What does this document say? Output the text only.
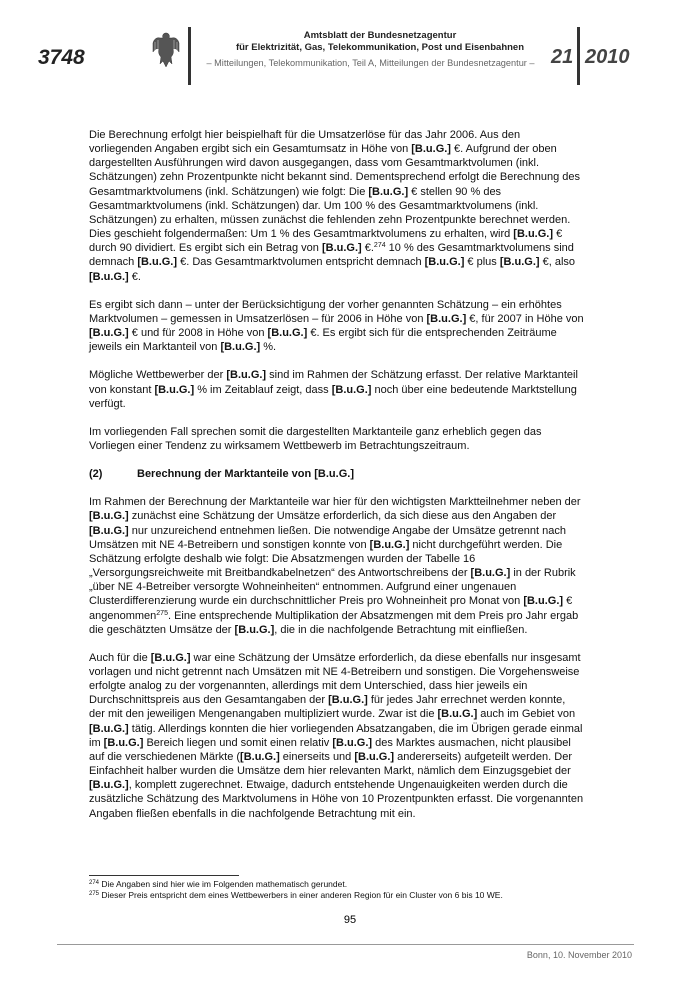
3748
Amtsblatt der Bundesnetzagentur
für Elektrizität, Gas, Telekommunikation, Post und Eisenbahnen
– Mitteilungen, Telekommunikation, Teil A, Mitteilungen der Bundesnetzagentur – 21 2010

Die Berechnung erfolgt hier beispielhaft für die Umsatzerlöse für das Jahr 2006. Aus den vorliegenden Angaben ergibt sich ein Gesamtumsatz in Höhe von [B.u.G.] €. Aufgrund der oben dargestellten Ausführungen wird davon ausgegangen, dass vom Gesamtmarktvolumen (inkl. Schätzungen) zehn Prozentpunkte nicht bekannt sind. Dementsprechend erfolgt die Berechnung des Gesamtmarktvolumens (inkl. Schätzungen) wie folgt: Die [B.u.G.] € stellen 90 % des Gesamtmarktvolumens (inkl. Schätzungen) dar. Um 100 % des Gesamtmarktvolumens (inkl. Schätzungen) zu erhalten, müssen zunächst die fehlenden zehn Prozentpunkte berechnet werden. Dies geschieht folgendermaßen: Um 1 % des Gesamtmarktvolumens zu erhalten, wird [B.u.G.] € durch 90 dividiert. Es ergibt sich ein Betrag von [B.u.G.] €.$^{274}$ 10 % des Gesamtmarktvolumens sind demnach [B.u.G.] €. Das Gesamtmarktvolumen entspricht demnach [B.u.G.] € plus [B.u.G.] €, also [B.u.G.] €.

Es ergibt sich dann – unter der Berücksichtigung der vorher genannten Schätzung – ein erhöhtes Marktvolumen – gemessen in Umsatzerlösen – für 2006 in Höhe von [B.u.G.] €, für 2007 in Höhe von [B.u.G.] € und für 2008 in Höhe von [B.u.G.] €. Es ergibt sich für die entsprechenden Zeiträume jeweils ein Marktanteil von [B.u.G.] %.

Mögliche Wettbewerber der [B.u.G.] sind im Rahmen der Schätzung erfasst. Der relative Marktanteil von konstant [B.u.G.] % im Zeitablauf zeigt, dass [B.u.G.] noch über eine bedeutende Marktstellung verfügt.

Im vorliegenden Fall sprechen somit die dargestellten Marktanteile ganz erheblich gegen das Vorliegen einer Tendenz zu wirksamem Wettbewerb im Betrachtungszeitraum.

(2)	Berechnung der Marktanteile von [B.u.G.]

Im Rahmen der Berechnung der Marktanteile war hier für den wichtigsten Marktteilnehmer neben der [B.u.G.] zunächst eine Schätzung der Umsätze erforderlich, da sich diese aus den Angaben der [B.u.G.] nur unzureichend entnehmen ließen. Die notwendige Angabe der Umsätze getrennt nach Umsätzen mit NE 4-Betreibern und sonstigen konnte von [B.u.G.] nicht durchgeführt werden. Die Schätzung erfolgte deshalb wie folgt: Die Absatzmengen wurden der Tabelle 16 „Versorgungsreichweite mit Breitbandkabelnetzen“ des Antwortschreibens der [B.u.G.] in der Rubrik „über NE 4-Betreiber versorgte Wohneinheiten“ entnommen. Aufgrund einer ungenauen Clusterdifferenzierung wurde ein durchschnittlicher Preis pro Wohneinheit pro Monat von [B.u.G.] € angenommen$^{275}$. Eine entsprechende Multiplikation der Absatzmengen mit dem Preis pro Jahr ergab die geschätzten Umsätze der [B.u.G.], die in die nachfolgende Betrachtung mit einfließen.

Auch für die [B.u.G.] war eine Schätzung der Umsätze erforderlich, da diese ebenfalls nur insgesamt vorlagen und nicht getrennt nach Umsätzen mit NE 4-Betreibern und sonstigen. Die Vorgehensweise erfolgte analog zu der vorgenannten, allerdings mit dem Unterschied, dass hier jeweils ein Durchschnittspreis aus den Gesamtangaben der [B.u.G.] für jedes Jahr errechnet werden konnte, der mit den jeweiligen Mengenangaben multipliziert wurde. Zwar ist die [B.u.G.] auch im Gebiet von [B.u.G.] tätig. Allerdings konnten die hier vorliegenden Absatzangaben, die im Übrigen gerade einmal im [B.u.G.] Bereich liegen und somit einen relativ [B.u.G.] des Marktes ausmachen, nicht plausibel auf die verschiedenen Märkte ([B.u.G.] einerseits und [B.u.G.] andererseits) aufgeteilt werden. Der Einfachheit halber wurden die Umsätze dem hier relevanten Markt, nämlich dem Einzugsgebiet der [B.u.G.], komplett zugerechnet. Etwaige, dadurch entstehende Ungenauigkeiten werden durch die zusätzliche Schätzung des Marktvolumens in Höhe von 10 Prozentpunkten erfasst. Die vorgenannten Angaben fließen ebenfalls in die nachfolgende Betrachtung mit ein.

$^{274}$ Die Angaben sind hier wie im Folgenden mathematisch gerundet.
$^{275}$ Dieser Preis entspricht dem eines Wettbewerbers in einer anderen Region für ein Cluster von 6 bis 10 WE.
95
Bonn, 10. November 2010
